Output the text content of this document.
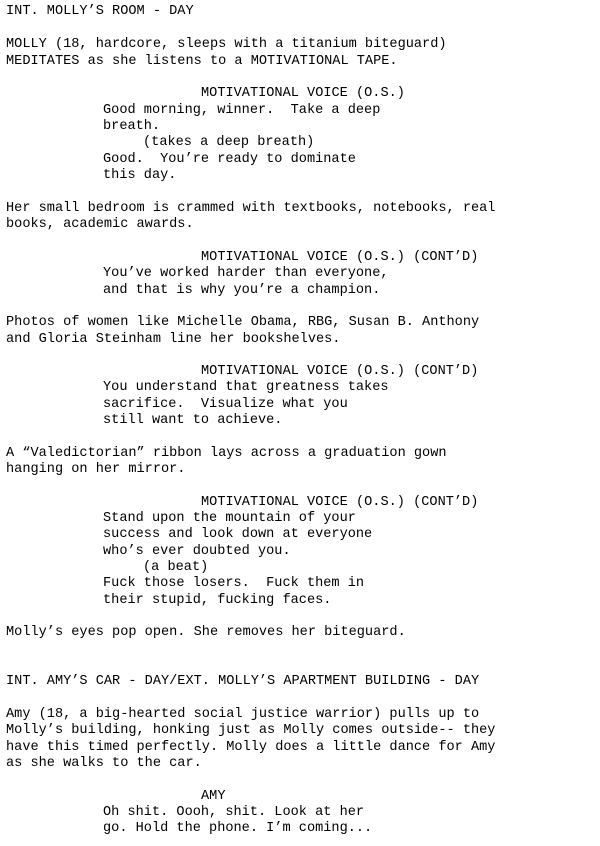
INT. MOLLY’S ROOM - DAY
MOLLY (18, hardcore, sleeps with a titanium biteguard)
MEDITATES as she listens to a MOTIVATIONAL TAPE.
MOTIVATIONAL VOICE (O.S.)
Good morning, winner.  Take a deep
breath.
(takes a deep breath)
Good.  You’re ready to dominate
this day.
Her small bedroom is crammed with textbooks, notebooks, real
books, academic awards.
MOTIVATIONAL VOICE (O.S.) (CONT’D)
You’ve worked harder than everyone,
and that is why you’re a champion.
Photos of women like Michelle Obama, RBG, Susan B. Anthony
and Gloria Steinham line her bookshelves.
MOTIVATIONAL VOICE (O.S.) (CONT’D)
You understand that greatness takes
sacrifice.  Visualize what you
still want to achieve.
A “Valedictorian” ribbon lays across a graduation gown
hanging on her mirror.
MOTIVATIONAL VOICE (O.S.) (CONT’D)
Stand upon the mountain of your
success and look down at everyone
who’s ever doubted you.
(a beat)
Fuck those losers.  Fuck them in
their stupid, fucking faces.
Molly’s eyes pop open. She removes her biteguard.
INT. AMY’S CAR - DAY/EXT. MOLLY’S APARTMENT BUILDING - DAY
Amy (18, a big-hearted social justice warrior) pulls up to
Molly’s building, honking just as Molly comes outside-- they
have this timed perfectly. Molly does a little dance for Amy
as she walks to the car.
AMY
Oh shit. Oooh, shit. Look at her
go. Hold the phone. I’m coming...
